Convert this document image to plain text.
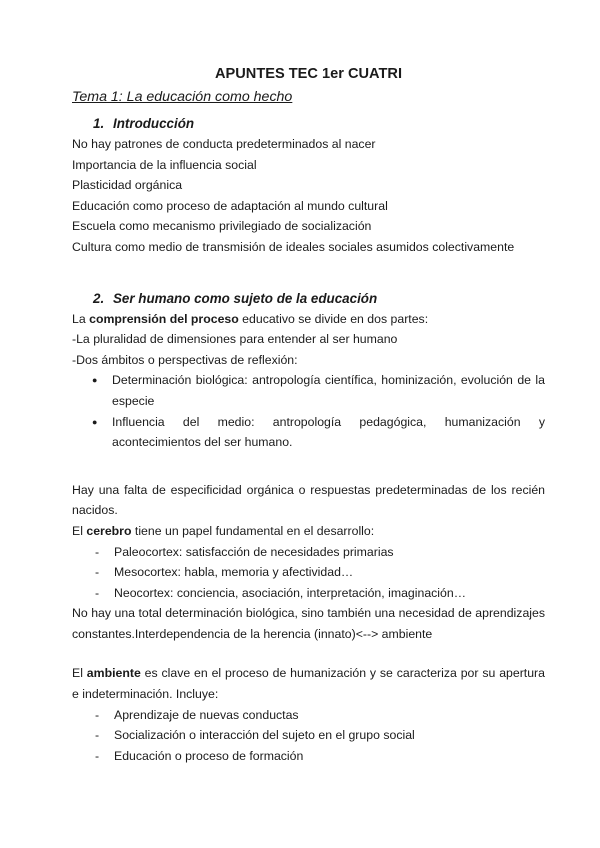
APUNTES TEC 1er CUATRI

Tema 1: La educación como hecho

1. Introducción

No hay patrones de conducta predeterminados al nacer

Importancia de la influencia social

Plasticidad orgánica

Educación como proceso de adaptación al mundo cultural

Escuela como mecanismo privilegiado de socialización

Cultura como medio de transmisión de ideales sociales asumidos colectivamente

2. Ser humano como sujeto de la educación

La comprensión del proceso educativo se divide en dos partes:

-La pluralidad de dimensiones para entender al ser humano

-Dos ámbitos o perspectivas de reflexión:

●	Determinación biológica: antropología científica, hominización, evolución de la especie
●	Influencia del medio: antropología pedagógica, humanización y acontecimientos del ser humano.

Hay una falta de especificidad orgánica o respuestas predeterminadas de los recién nacidos.

El cerebro tiene un papel fundamental en el desarrollo:

-	Paleocortex: satisfacción de necesidades primarias
-	Mesocortex: habla, memoria y afectividad…
-	Neocortex: conciencia, asociación, interpretación, imaginación…

No hay una total determinación biológica, sino también una necesidad de aprendizajes constantes.Interdependencia de la herencia (innato)<--> ambiente

El ambiente es clave en el proceso de humanización y se caracteriza por su apertura e indeterminación. Incluye:

-	Aprendizaje de nuevas conductas
-	Socialización o interacción del sujeto en el grupo social
-	Educación o proceso de formación
